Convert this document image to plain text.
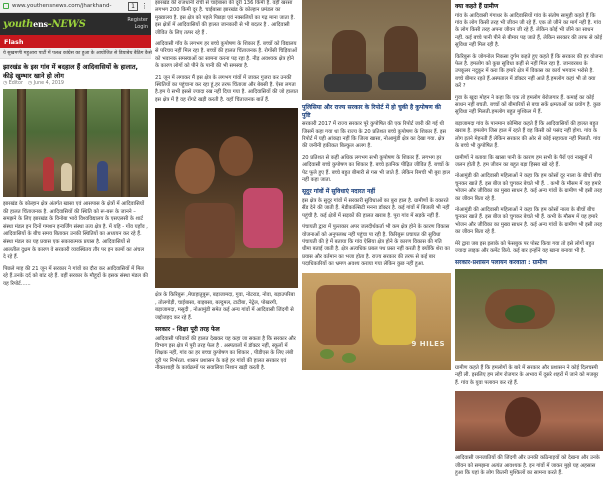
www.youthensnews.com/jharkhand-	1 ⋮
youthens-NEWS	Register
Login
Flash
ये सुखमणी महुआरा पार्टी में पलल्र कांग्रेस का हुआ के आयोजित से डियाबेथ बैठिंग कैसे
झारखंड के इस गांव में बदहाल हैं आदिवासियों के हालात, कीड़े खुम्भार खाने हो लोग
◷ Editor
◷	June 4, 2019
झारखंड के कोल्हान क्षेत्र अंतर्गत खासा एवं आसपास के क्षेत्रों में आदिवासियों की हालत चिंताजनक है. आदिवासियों की स्थिति को रू-बरू के जानने – समझने के लिए झारखंड के विनोबा भावे विश्वविद्यालय के एसएलसी के शार्ट संस्था मंडल इन दिनों गमशन इन्वर्जिंग संस्था तत्य क्षेत्र है. में यहि - गोंव यहाँव , आदिवासियों के बीच समय बिताकर उनकी स्थितियों का अध्ययन कर रहे हैं. संस्था मंडल का यह प्रयास एक सकारात्मक प्रयास है. आदिवासियों से आलतील दुध्रम के कारण वे सरकारी व्यवस्थितय तौर पर इन कामों का अंचल दे रहे हैं.
पिछले माह की 21 जून में सरकार ने गांवों का दौरा कर आदिवासियों में मिल रहे हैं.उनके दर्द को बांट रहे हैं. वहीं सरकार के मौहूदों के इसक संस्था मंडल की यह रिपोर्ट......
झारखंड की राजधानी रांची से चाईबासा की दूरी 136 किमी है. वहीं खरसा लगभग 200 किमी दूर है. चाईबासा झारखंड के कोल्हान प्रमंडल का मुख्यालय है. इस क्षेत्र को पहले पिछड़ा एवं नक्सलियों का गढ़ माना जाता है. इस क्षेत्रों में आदिवासियों की हालत जानकारी से भी बदतर है . आदिवासी जीवित के लिए तत्पर रहे हैं .
आदिवासी गाँव के लगभग हर बच्चे कुपोषण के शिकार हैं. बच्चों को विद्यालय से परिचय नहीं मिल रहा है. बच्चों की हालत चिंताजनक है. रोगोंसी चिड़ियाओं को भवानक समस्याओं का सामना करना पड़ रहा है. नीड़ अवश्यक क्षेत्र होने के कारण लोगों को पीने के पानी की भी समस्या है.
21 जून में लगाकर मैं इस क्षेत्र के लगभग गांवों में जाकर गुजरा कर उनकी स्थितियों का पहुंचाना कर रहा हूं.हर तरफ चिंताजा और बेबसी है. ऐसा लगता है.हम ये सभी इससे ज्यादा रख नहीं दिया गया है. आदिवासियों की जो हालात इस क्षेत्र में है वह रोंगटे खड़ी करती है. यहाँ चिंताजनक बातें हैं.
क्षेत्र के किरिबुरू ,मेघाहातुबुरू, बड़ाजामदा, गुवा, नोटराड, नोवा, बड़ाउपरिबा , तोलगोड़ी, चाईबासा, बाइबसा, बल्दुमल, टाटीबा, नेट्रेल, पोखरगी, बड़ाजामदा, मसूदी , नोआमुंडी समेत कई अन्य गांवों में आदिवासी जिंदगी से जद्दोजहद कर रहे हैं.
सरकार - शिक्षा पूरी तरह फेल
आदिवासी परिवारों की हालत देखकर यह कहा जा सकता है कि सरकार और विभाग इस क्षेत्र में पूरी तरह फेल है . अस्पतालों में डॉक्टर नहीं, स्कूलों में शिक्षक नहीं, गांव का हर बच्चा कुपोषण का शिकार , पीडीएस के लिए लंबी दूरी पर निर्भरता. शासन प्रशासन के कहे हर गांवों की हालत सरकार एवं नौकरशाही के कार्यक्रमों पर सवालिया निशान खड़ी करती है.
पुलिसिया और राज्य सरकार के रिपोर्ट में हो चुकी है कुपोषण की पुष्टि
सरकारी 2017 में राज्य सरकार पूरे कुपोषित की एक रिपोर्ट जारी की गई थी जिसमें कहा गया था कि राज्य के 20 प्रतिशत बच्चे कुपोषण के शिकार हैं. इस रिपोर्ट में यही आंकड़ा नहीं कि जिला खासा, नोआमुंडी क्षेत्र का देखा गया. क्षेत्र की जनीनी हकीकत बिल्कुल अलग है.
20 प्रतिशत से कहीं अधिक लगभग सभी कुपोषण के शिकार हैं. लगभग हर आदिवासी बच्चे कुपोषण का शिकार है. बच्चे इतनिक पीढ़ित जीवित हैं. बच्चों के पेट फूले हुए हैं. बच्चे बहुत बीमारी से गस भी जाते हैं. लेकिन रिमची भी बुरा हाल नहीं कहा जाता.
सूदूर गांवों में सुविधाएं नदारत नहीं
इस क्षेत्र के सुदूर गांवों में सरकारी सुविधाओं का बुरा हाल है. ग्रामीणों के वकारते सैंड देने की जाती हैं. मेडीकाल्सिटी मनना डॉक्टर है. कई गांवों में बिजली भी नहीं पहुंची है. कई क्षेत्रों में सड़कों की हालत खराब है. पूरा गांव में सड़के नहीं हैं.
पंचायती द्वारा में पुल्तकार अपर जलदीर्थकर्ता भी कम क्षेत्र होने के कारण विकास योजनाओं को अनुपलब्ध नहीं पहुंचा पा रही है. किरिबुरू प्रचायत की सुविधा पंचायती की हे में बताया कि गांव ऐसिया क्षेत्र होने के कारण विकास की गति धीमा बताई जाती है. क्षेत्र अत्यधिक प्रबल पथ प्रस्त नहीं करती है क्योंकि शेरा का प्रयास और वर्तमान का भजा होता है. राज्य सरकार की तरफ से कई बार पदाधिकारियों का भ्रमण अवश्य कराया गया लेकिन कुछ नहीं हुआ.
9 HILES
क्या कहते हैं ग्रामीण
गांव के आदिवासी गंगाधर के आदिवासियों गांव के संतोष सामुही कहते हैं कि गांव के लोग किसी तरह भी जीवन जी रहे हैं. एक तो जीने का मार्ग नहीं है. गांव के लोग किसी तरह अपना जीवन जी रहे हैं. लेकिन कोई भी जीने का साधन नहीं. कई बच्चे पानी पीने से बीमार पड़ जाते हैं, लेकिन सरकार की तरफ से कोई सुविधा नहीं मिल रही है.
किरिबुरू के जोगनोल निकसा दुर्गम कहते हुए कहते हैं कि सरकार की हर योजना फेल है. हमलोग को कुछ सुविधा कहीं से नहीं मिल रहा है. जानवरबध के उपकूलर नदुकुर में करा कि हमारे क्षेत्र में विकास का कार्य भगवान भरोसे है. बच्चे बीमार रहते हैं.अस्पताल में डॉक्टर नहीं आते हैं.हमलोग कहां भी तो क्या करें ?
गुवा के खुदा मोहन ने कहा कि एक तो हमलोग बेरोजगार हैं. कमाई का कोई साधन नहीं बचती. बच्चों को बीमारियों से बचा सकें क्षमताओं का प्रयोग है. कुछ सुविधा नहीं मिलती.हमलोग बहुत मुश्किल में हैं.
बड़ाजामदा गांव के पानमान कोम्बिरा कहते हैं कि आदिवासियों की हालत बहुत खराब है. हमलोग जिस हाल में रहते हैं वह किसी को पसंद नहीं होगा. गांव के लोग इतने मेहनती हैं लेकिन सरकार की ओर से कोई सहायता नहीं मिलती. गांव के बच्चे भी कुपोषित हैं.
ग्रामीणों ने बताया कि खासा पानी के कारण हम सभी के पैरों एवं नाखूनों में जलन होती है. हम जीवन का बहुत बड़ा हिस्सा खो रहे हैं.
नोआमुंडी की आदिवासी महिलाओं ने कहा कि हम कोसों दूर नाला के बीचों बीच चुनकर खाते हैं. इस बीज को चुगकर बेचते भी हैं. . कभी के मौसम में यह हमारे भोजन और जीविका का मुख्य साधन है. कई अन्य गांवों के ग्रामीण भी इसी तरह का जीवन बिता रहे हैं.
नोआमुंडी की आदिवासी महिलाओं ने कहा कि हम कोसों नाला के बीचों बीच चुनकर खाते हैं. इस बीज को चुगकर बेचते भी हैं. कभी के मौसम में यह हमारे भोजन और जीविका का मुख्य साधन है. कई अन्य गांवों के ग्रामीण भी इसी तरह का जीवन बिता रहे हैं.
मेरे द्वारा जब इस इलाके को फेसबुक पर पोस्ट किया गया तो इसे लोगों बहुत ज्यादा लाइक और कमेंट किये. कई बार इन्होंने यह खाना बनाया भी है.
सरकार-प्रशासन पलायन करवाता : ग्रामीण
ग्रामीण कहते हैं कि हमलोगों के बारे में सरकार और प्रशासन ने कोई दिलचस्पी नहीं ली. इसलिए हम लोग रोजगार के अभाव में दूसरे शहरों में जाने को मजबूर हैं. गांव के युवा पलायन कर रहे हैं.
आदिवासी जनजातियों की जिंदगी और उनकी कठिनाइयों को देखना और उनके जीवन को समझना अत्यंत आवश्यक है. इन गांवों में जाकर मुझे यह अहसास हुआ कि यहां के लोग कितनी मुश्किलों का सामना करते हैं.
